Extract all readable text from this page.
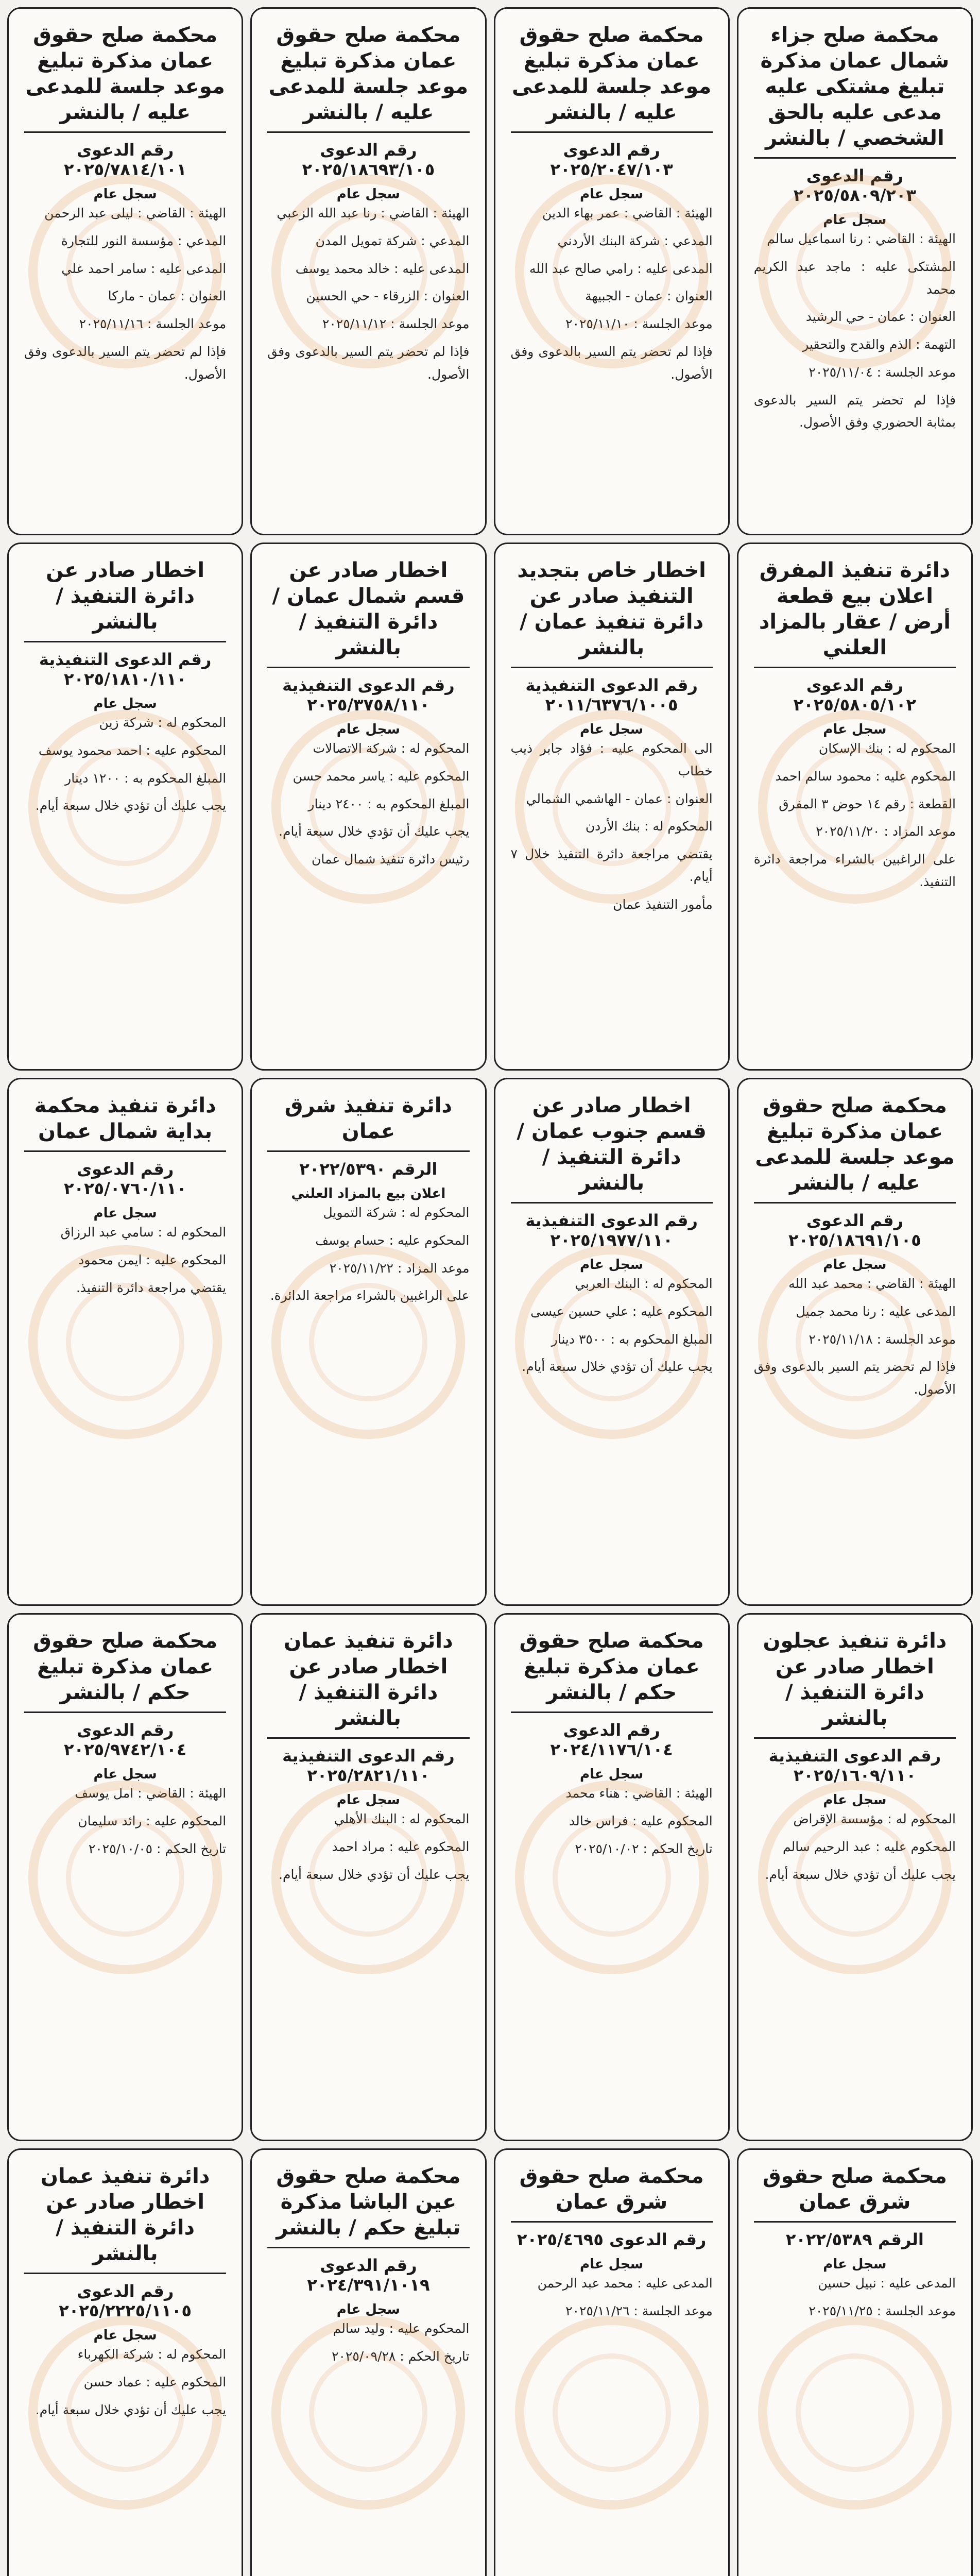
محكمة صلح جزاء شمال عمان مذكرة تبليغ مشتكى عليه مدعى عليه بالحق الشخصي / بالنشر
رقم الدعوى ٢٠٢٥/٥٨٠٩/٢٠٣
سجل عام

الهيئة : القاضي : رنا اسماعيل سالم

المشتكى عليه : ماجد عبد الكريم محمد

العنوان : عمان - حي الرشيد

التهمة : الذم والقدح والتحقير

موعد الجلسة : ٢٠٢٥/١١/٠٤

فإذا لم تحضر يتم السير بالدعوى بمثابة الحضوري وفق الأصول.

محكمة صلح حقوق عمان مذكرة تبليغ موعد جلسة للمدعى عليه / بالنشر
رقم الدعوى ٢٠٢٥/٢٠٤٧/١٠٣
سجل عام

الهيئة : القاضي : عمر بهاء الدين

المدعي : شركة البنك الأردني

المدعى عليه : رامي صالح عبد الله

العنوان : عمان - الجبيهة

موعد الجلسة : ٢٠٢٥/١١/١٠

فإذا لم تحضر يتم السير بالدعوى وفق الأصول.

محكمة صلح حقوق عمان مذكرة تبليغ موعد جلسة للمدعى عليه / بالنشر
رقم الدعوى ٢٠٢٥/١٨٦٩٣/١٠٥
سجل عام

الهيئة : القاضي : رنا عبد الله الزعبي

المدعي : شركة تمويل المدن

المدعى عليه : خالد محمد يوسف

العنوان : الزرقاء - حي الحسين

موعد الجلسة : ٢٠٢٥/١١/١٢

فإذا لم تحضر يتم السير بالدعوى وفق الأصول.

محكمة صلح حقوق عمان مذكرة تبليغ موعد جلسة للمدعى عليه / بالنشر
رقم الدعوى ٢٠٢٥/٧٨١٤/١٠١
سجل عام

الهيئة : القاضي : ليلى عبد الرحمن

المدعي : مؤسسة النور للتجارة

المدعى عليه : سامر احمد علي

العنوان : عمان - ماركا

موعد الجلسة : ٢٠٢٥/١١/١٦

فإذا لم تحضر يتم السير بالدعوى وفق الأصول.

دائرة تنفيذ المفرق اعلان بيع قطعة أرض / عقار بالمزاد العلني
رقم الدعوى ٢٠٢٥/٥٨٠٥/١٠٢
سجل عام

المحكوم له : بنك الإسكان

المحكوم عليه : محمود سالم احمد

القطعة : رقم ١٤ حوض ٣ المفرق

موعد المزاد : ٢٠٢٥/١١/٢٠

على الراغبين بالشراء مراجعة دائرة التنفيذ.

اخطار خاص بتجديد التنفيذ صادر عن دائرة تنفيذ عمان / بالنشر
رقم الدعوى التنفيذية ٢٠١١/٦٣٧٦/١٠٠٥
سجل عام

الى المحكوم عليه : فؤاد جابر ذيب خطاب

العنوان : عمان - الهاشمي الشمالي

المحكوم له : بنك الأردن

يقتضي مراجعة دائرة التنفيذ خلال ٧ أيام.

مأمور التنفيذ عمان

اخطار صادر عن قسم شمال عمان / دائرة التنفيذ / بالنشر
رقم الدعوى التنفيذية ٢٠٢٥/٣٧٥٨/١١٠
سجل عام

المحكوم له : شركة الاتصالات

المحكوم عليه : ياسر محمد حسن

المبلغ المحكوم به : ٢٤٠٠ دينار

يجب عليك أن تؤدي خلال سبعة أيام.

رئيس دائرة تنفيذ شمال عمان

اخطار صادر عن دائرة التنفيذ / بالنشر
رقم الدعوى التنفيذية ٢٠٢٥/١٨١٠/١١٠
سجل عام

المحكوم له : شركة زين

المحكوم عليه : احمد محمود يوسف

المبلغ المحكوم به : ١٢٠٠ دينار

يجب عليك أن تؤدي خلال سبعة أيام.

محكمة صلح حقوق عمان مذكرة تبليغ موعد جلسة للمدعى عليه / بالنشر
رقم الدعوى ٢٠٢٥/١٨٦٩١/١٠٥
سجل عام

الهيئة : القاضي : محمد عبد الله

المدعى عليه : رنا محمد جميل

موعد الجلسة : ٢٠٢٥/١١/١٨

فإذا لم تحضر يتم السير بالدعوى وفق الأصول.

اخطار صادر عن قسم جنوب عمان / دائرة التنفيذ / بالنشر
رقم الدعوى التنفيذية ٢٠٢٥/١٩٧٧/١١٠
سجل عام

المحكوم له : البنك العربي

المحكوم عليه : علي حسين عيسى

المبلغ المحكوم به : ٣٥٠٠ دينار

يجب عليك أن تؤدي خلال سبعة أيام.

دائرة تنفيذ شرق عمان
الرقم ٢٠٢٢/٥٣٩٠
اعلان بيع بالمزاد العلني

المحكوم له : شركة التمويل

المحكوم عليه : حسام يوسف

موعد المزاد : ٢٠٢٥/١١/٢٢

على الراغبين بالشراء مراجعة الدائرة.

دائرة تنفيذ محكمة بداية شمال عمان
رقم الدعوى ٢٠٢٥/٠٧٦٠/١١٠
سجل عام

المحكوم له : سامي عبد الرزاق

المحكوم عليه : ايمن محمود

يقتضي مراجعة دائرة التنفيذ.

دائرة تنفيذ عجلون اخطار صادر عن دائرة التنفيذ / بالنشر
رقم الدعوى التنفيذية ٢٠٢٥/١٦٠٩/١١٠
سجل عام

المحكوم له : مؤسسة الإقراض

المحكوم عليه : عبد الرحيم سالم

يجب عليك أن تؤدي خلال سبعة أيام.

محكمة صلح حقوق عمان مذكرة تبليغ حكم / بالنشر
رقم الدعوى ٢٠٢٤/١١٧٦/١٠٤
سجل عام

الهيئة : القاضي : هناء محمد

المحكوم عليه : فراس خالد

تاريخ الحكم : ٢٠٢٥/١٠/٠٢

دائرة تنفيذ عمان اخطار صادر عن دائرة التنفيذ / بالنشر
رقم الدعوى التنفيذية ٢٠٢٥/٢٨٢١/١١٠
سجل عام

المحكوم له : البنك الأهلي

المحكوم عليه : مراد احمد

يجب عليك أن تؤدي خلال سبعة أيام.

محكمة صلح حقوق عمان مذكرة تبليغ حكم / بالنشر
رقم الدعوى ٢٠٢٥/٩٧٤٢/١٠٤
سجل عام

الهيئة : القاضي : امل يوسف

المحكوم عليه : رائد سليمان

تاريخ الحكم : ٢٠٢٥/١٠/٠٥

محكمة صلح حقوق شرق عمان
الرقم ٢٠٢٢/٥٣٨٩
سجل عام

المدعى عليه : نبيل حسين

موعد الجلسة : ٢٠٢٥/١١/٢٥

محكمة صلح حقوق شرق عمان
رقم الدعوى ٢٠٢٥/٤٦٩٥
سجل عام

المدعى عليه : محمد عبد الرحمن

موعد الجلسة : ٢٠٢٥/١١/٢٦

محكمة صلح حقوق عين الباشا مذكرة تبليغ حكم / بالنشر
رقم الدعوى ٢٠٢٤/٣٩١/١٠١٩
سجل عام

المحكوم عليه : وليد سالم

تاريخ الحكم : ٢٠٢٥/٠٩/٢٨

دائرة تنفيذ عمان اخطار صادر عن دائرة التنفيذ / بالنشر
رقم الدعوى ٢٠٢٥/٢٢٢٥/١١٠٥
سجل عام

المحكوم له : شركة الكهرباء

المحكوم عليه : عماد حسن

يجب عليك أن تؤدي خلال سبعة أيام.
